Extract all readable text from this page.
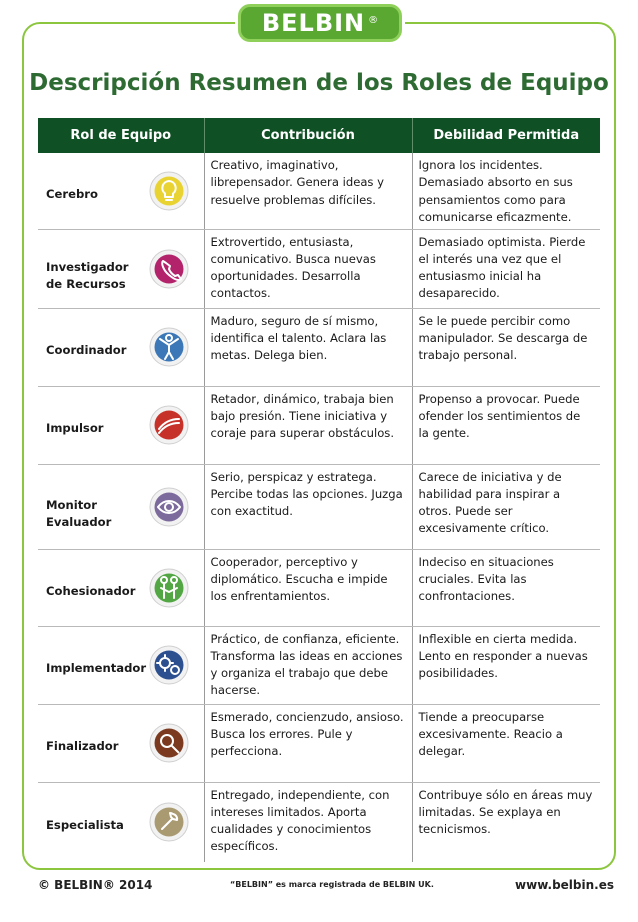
BELBIN ®
Descripción Resumen de los Roles de Equipo
Rol de Equipo	Contribución	Debilidad Permitida

Cerebro	Creativo, imaginativo, librepensador. Genera ideas y resuelve problemas difíciles.	Ignora los incidentes. Demasiado absorto en sus pensamientos como para comunicarse eficazmente.

Investigador de Recursos	Extrovertido, entusiasta, comunicativo. Busca nuevas oportunidades. Desarrolla contactos.	Demasiado optimista. Pierde el interés una vez que el entusiasmo inicial ha desaparecido.

Coordinador	Maduro, seguro de sí mismo, identifica el talento. Aclara las metas. Delega bien.	Se le puede percibir como manipulador. Se descarga de trabajo personal.

Impulsor	Retador, dinámico, trabaja bien bajo presión. Tiene iniciativa y coraje para superar obstáculos.	Propenso a provocar. Puede ofender los sentimientos de la gente.

Monitor Evaluador	Serio, perspicaz y estratega. Percibe todas las opciones. Juzga con exactitud.	Carece de iniciativa y de habilidad para inspirar a otros. Puede ser excesivamente crítico.

Cohesionador	Cooperador, perceptivo y diplomático. Escucha e impide los enfrentamientos.	Indeciso en situaciones cruciales. Evita las confrontaciones.

Implementador	Práctico, de confianza, eficiente. Transforma las ideas en acciones y organiza el trabajo que debe hacerse.	Inflexible en cierta medida. Lento en responder a nuevas posibilidades.

Finalizador	Esmerado, concienzudo, ansioso. Busca los errores. Pule y perfecciona.	Tiende a preocuparse excesivamente. Reacio a delegar.

Especialista	Entregado, independiente, con intereses limitados. Aporta cualidades y conocimientos específicos.	Contribuye sólo en áreas muy limitadas. Se explaya en tecnicismos.
© BELBIN® 2014	“BELBIN” es marca registrada de BELBIN UK.	www.belbin.es
